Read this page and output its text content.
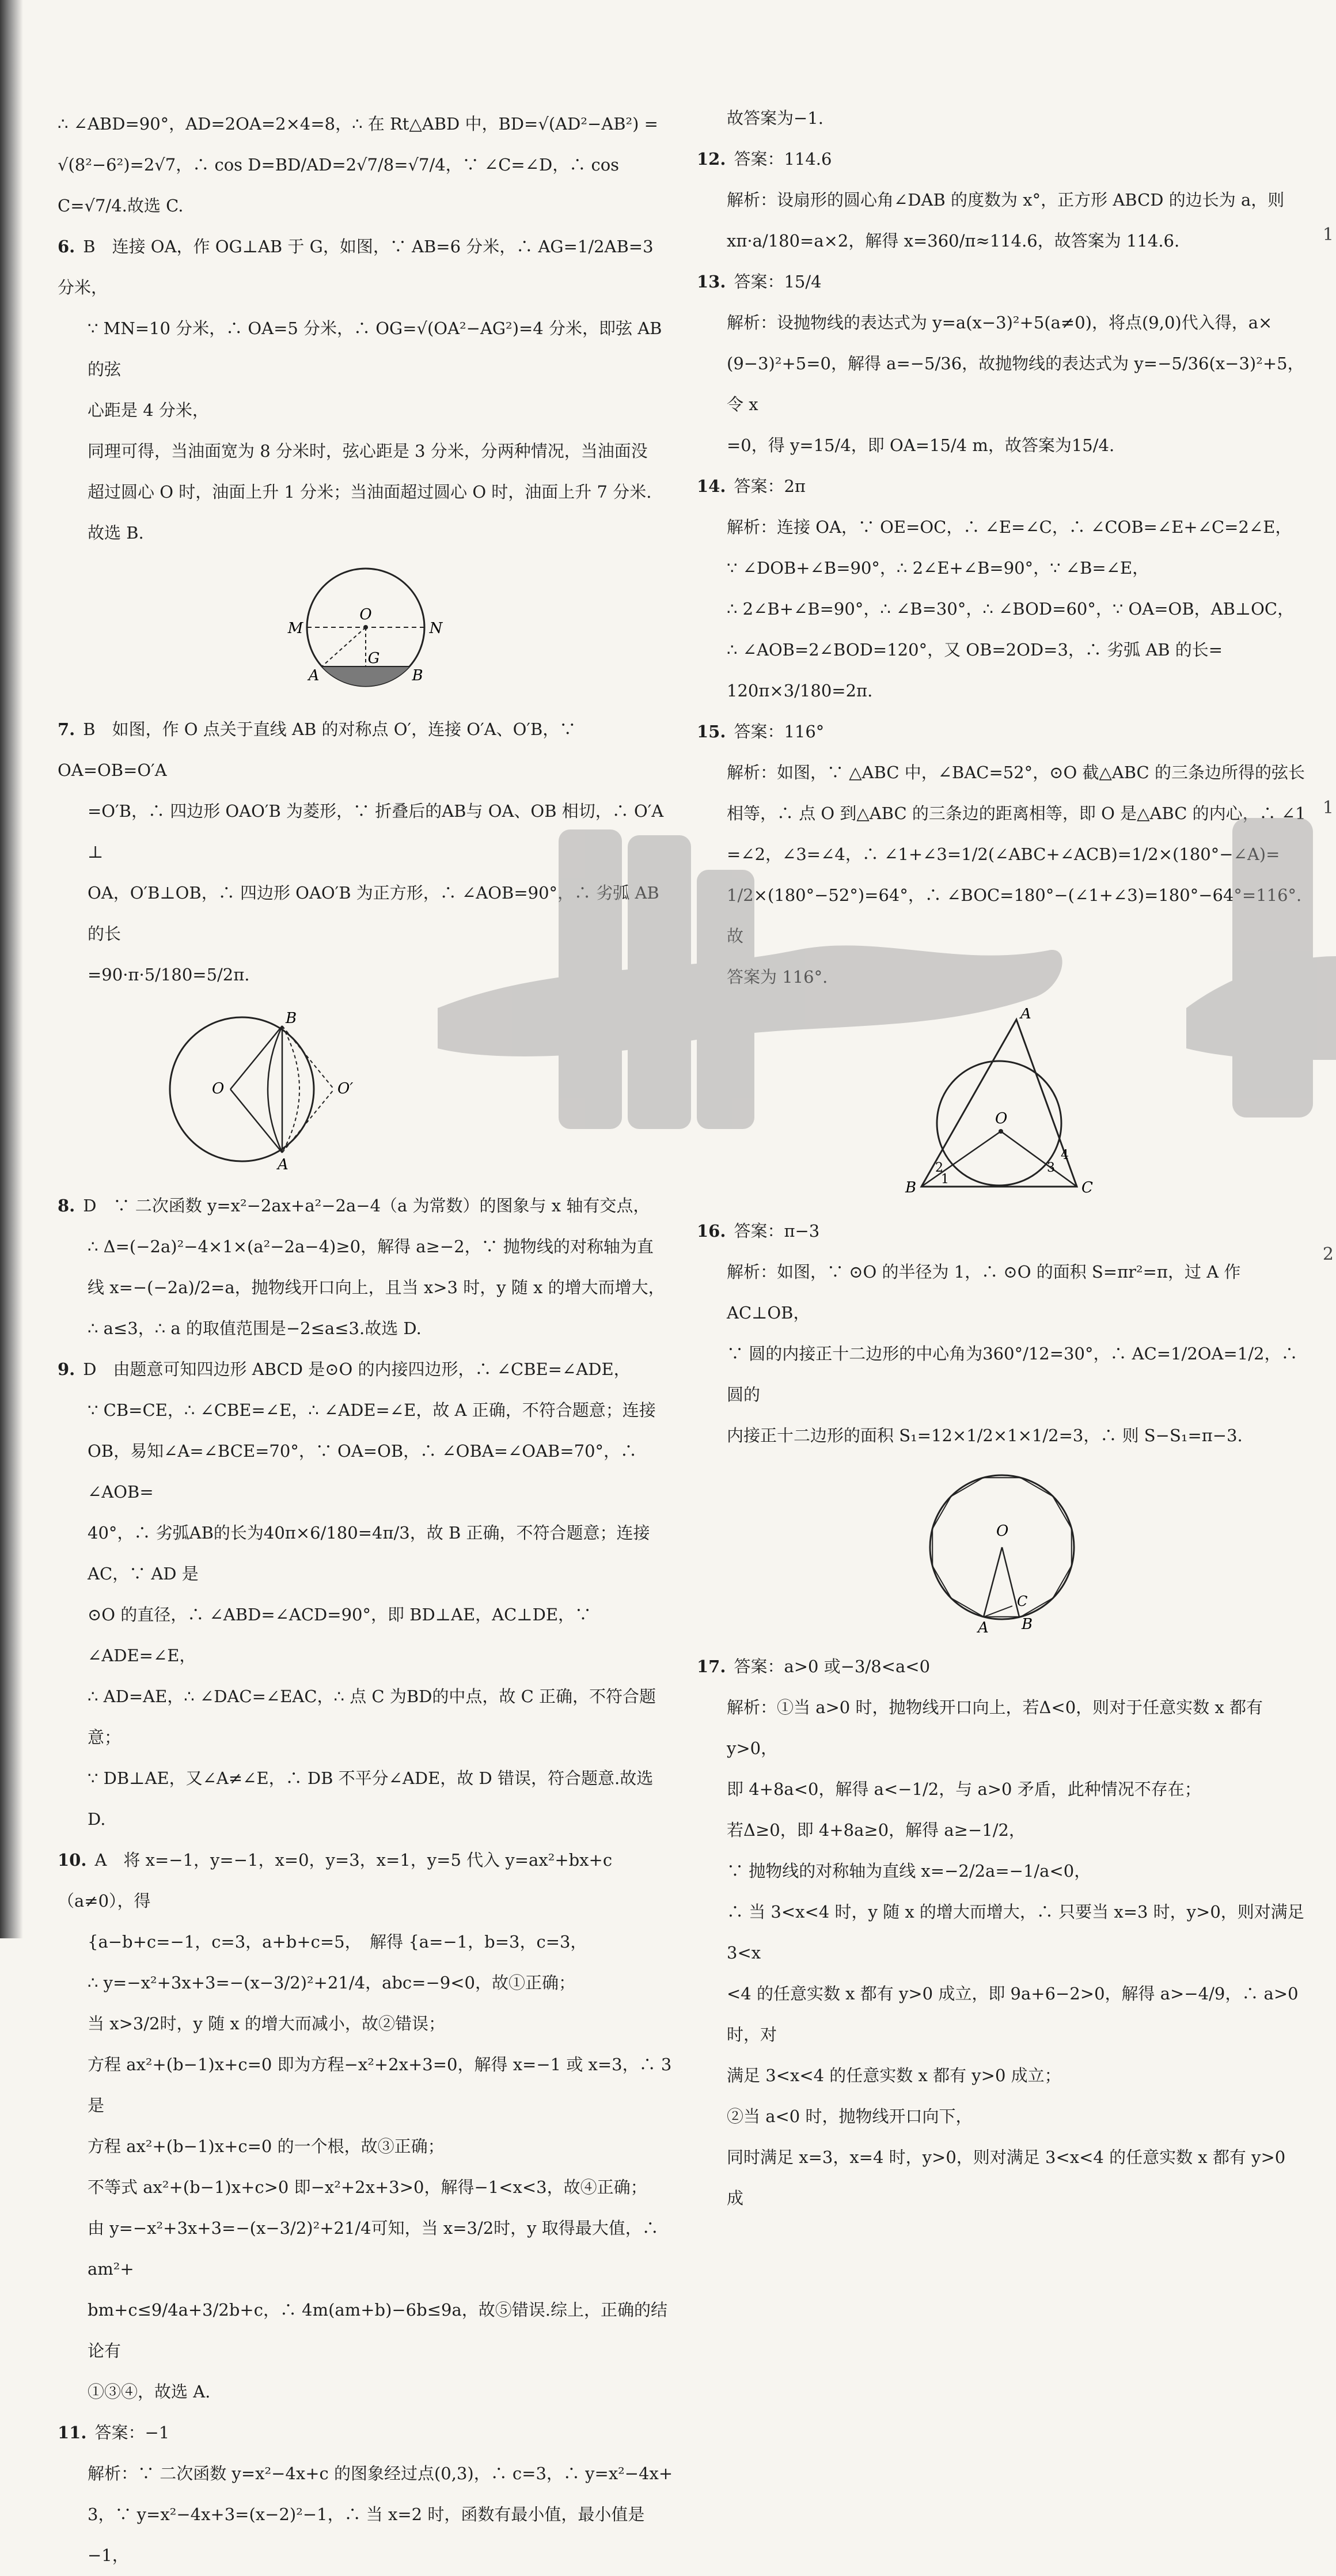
∴ ∠ABD=90°，AD=2OA=2×4=8，∴ 在 Rt△ABD 中，BD=√(AD²−AB²) =

√(8²−6²)=2√7，∴ cos D=BD/AD=2√7/8=√7/4，∵ ∠C=∠D，∴ cos C=√7/4.故选 C.

6. B　连接 OA，作 OG⊥AB 于 G，如图，∵ AB=6 分米，∴ AG=1/2AB=3 分米，

∵ MN=10 分米，∴ OA=5 分米，∴ OG=√(OA²−AG²)=4 分米，即弦 AB 的弦

心距是 4 分米，

同理可得，当油面宽为 8 分米时，弦心距是 3 分米，分两种情况，当油面没

超过圆心 O 时，油面上升 1 分米；当油面超过圆心 O 时，油面上升 7 分米.

故选 B.

O
M	N
A	B
G

7. B　如图，作 O 点关于直线 AB 的对称点 O′，连接 O′A、O′B，∵ OA=OB=O′A

=O′B，∴ 四边形 OAO′B 为菱形，∵ 折叠后的AB与 OA、OB 相切，∴ O′A ⊥

OA，O′B⊥OB，∴ 四边形 OAO′B 为正方形，∴ ∠AOB=90°，∴ 劣弧 AB 的长

=90·π·5/180=5/2π.

B
O	O′
A

8. D　∵ 二次函数 y=x²−2ax+a²−2a−4（a 为常数）的图象与 x 轴有交点，

∴ Δ=(−2a)²−4×1×(a²−2a−4)≥0，解得 a≥−2，∵ 抛物线的对称轴为直

线 x=−(−2a)/2=a，抛物线开口向上，且当 x>3 时，y 随 x 的增大而增大，

∴ a≤3，∴ a 的取值范围是−2≤a≤3.故选 D.

9. D　由题意可知四边形 ABCD 是⊙O 的内接四边形，∴ ∠CBE=∠ADE，

∵ CB=CE，∴ ∠CBE=∠E，∴ ∠ADE=∠E，故 A 正确，不符合题意；连接

OB，易知∠A=∠BCE=70°，∵ OA=OB，∴ ∠OBA=∠OAB=70°，∴ ∠AOB=

40°，∴ 劣弧AB的长为40π×6/180=4π/3，故 B 正确，不符合题意；连接 AC，∵ AD 是

⊙O 的直径，∴ ∠ABD=∠ACD=90°，即 BD⊥AE，AC⊥DE，∵ ∠ADE=∠E，

∴ AD=AE，∴ ∠DAC=∠EAC，∴ 点 C 为BD的中点，故 C 正确，不符合题意；

∵ DB⊥AE，又∠A≠∠E，∴ DB 不平分∠ADE，故 D 错误，符合题意.故选 D.

10. A　将 x=−1，y=−1，x=0，y=3，x=1，y=5 代入 y=ax²+bx+c（a≠0），得

{a−b+c=−1，c=3，a+b+c=5，　解得 {a=−1，b=3，c=3，

∴ y=−x²+3x+3=−(x−3/2)²+21/4，abc=−9<0，故①正确；

当 x>3/2时，y 随 x 的增大而减小，故②错误；

方程 ax²+(b−1)x+c=0 即为方程−x²+2x+3=0，解得 x=−1 或 x=3，∴ 3 是

方程 ax²+(b−1)x+c=0 的一个根，故③正确；

不等式 ax²+(b−1)x+c>0 即−x²+2x+3>0，解得−1<x<3，故④正确；

由 y=−x²+3x+3=−(x−3/2)²+21/4可知，当 x=3/2时，y 取得最大值，∴ am²+

bm+c≤9/4a+3/2b+c，∴ 4m(am+b)−6b≤9a，故⑤错误.综上，正确的结论有

①③④，故选 A.

11. 答案：−1

解析：∵ 二次函数 y=x²−4x+c 的图象经过点(0,3)，∴ c=3，∴ y=x²−4x+

3，∵ y=x²−4x+3=(x−2)²−1，∴ 当 x=2 时，函数有最小值，最小值是−1，

故答案为−1.

12. 答案：114.6

解析：设扇形的圆心角∠DAB 的度数为 x°，正方形 ABCD 的边长为 a，则

xπ·a/180=a×2，解得 x=360/π≈114.6，故答案为 114.6.

13. 答案：15/4

解析：设抛物线的表达式为 y=a(x−3)²+5(a≠0)，将点(9,0)代入得，a×

(9−3)²+5=0，解得 a=−5/36，故抛物线的表达式为 y=−5/36(x−3)²+5，令 x

=0，得 y=15/4，即 OA=15/4 m，故答案为15/4.

14. 答案：2π

解析：连接 OA，∵ OE=OC，∴ ∠E=∠C，∴ ∠COB=∠E+∠C=2∠E，

∵ ∠DOB+∠B=90°，∴ 2∠E+∠B=90°，∵ ∠B=∠E，

∴ 2∠B+∠B=90°，∴ ∠B=30°，∴ ∠BOD=60°，∵ OA=OB，AB⊥OC，

∴ ∠AOB=2∠BOD=120°，又 OB=2OD=3，∴ 劣弧 AB 的长=

120π×3/180=2π.

15. 答案：116°

解析：如图，∵ △ABC 中，∠BAC=52°，⊙O 截△ABC 的三条边所得的弦长

相等，∴ 点 O 到△ABC 的三条边的距离相等，即 O 是△ABC 的内心，∴ ∠1

=∠2，∠3=∠4，∴ ∠1+∠3=1/2(∠ABC+∠ACB)=1/2×(180°−∠A)=

1/2×(180°−52°)=64°，∴ ∠BOC=180°−(∠1+∠3)=180°−64°=116°.故

答案为 116°.

A
O
B	C
1
2	3
4

16. 答案：π−3

解析：如图，∵ ⊙O 的半径为 1，∴ ⊙O 的面积 S=πr²=π，过 A 作 AC⊥OB，

∵ 圆的内接正十二边形的中心角为360°/12=30°，∴ AC=1/2OA=1/2，∴ 圆的

内接正十二边形的面积 S₁=12×1/2×1×1/2=3，∴ 则 S−S₁=π−3.

O
C
A B

17. 答案：a>0 或−3/8<a<0

解析：①当 a>0 时，抛物线开口向上，若Δ<0，则对于任意实数 x 都有 y>0，

即 4+8a<0，解得 a<−1/2，与 a>0 矛盾，此种情况不存在；

若Δ≥0，即 4+8a≥0，解得 a≥−1/2，

∵ 抛物线的对称轴为直线 x=−2/2a=−1/a<0，

∴ 当 3<x<4 时，y 随 x 的增大而增大，∴ 只要当 x=3 时，y>0，则对满足 3<x

<4 的任意实数 x 都有 y>0 成立，即 9a+6−2>0，解得 a>−4/9，∴ a>0 时，对

满足 3<x<4 的任意实数 x 都有 y>0 成立；

②当 a<0 时，抛物线开口向下，

同时满足 x=3，x=4 时，y>0，则对满足 3<x<4 的任意实数 x 都有 y>0 成

1
1
2
